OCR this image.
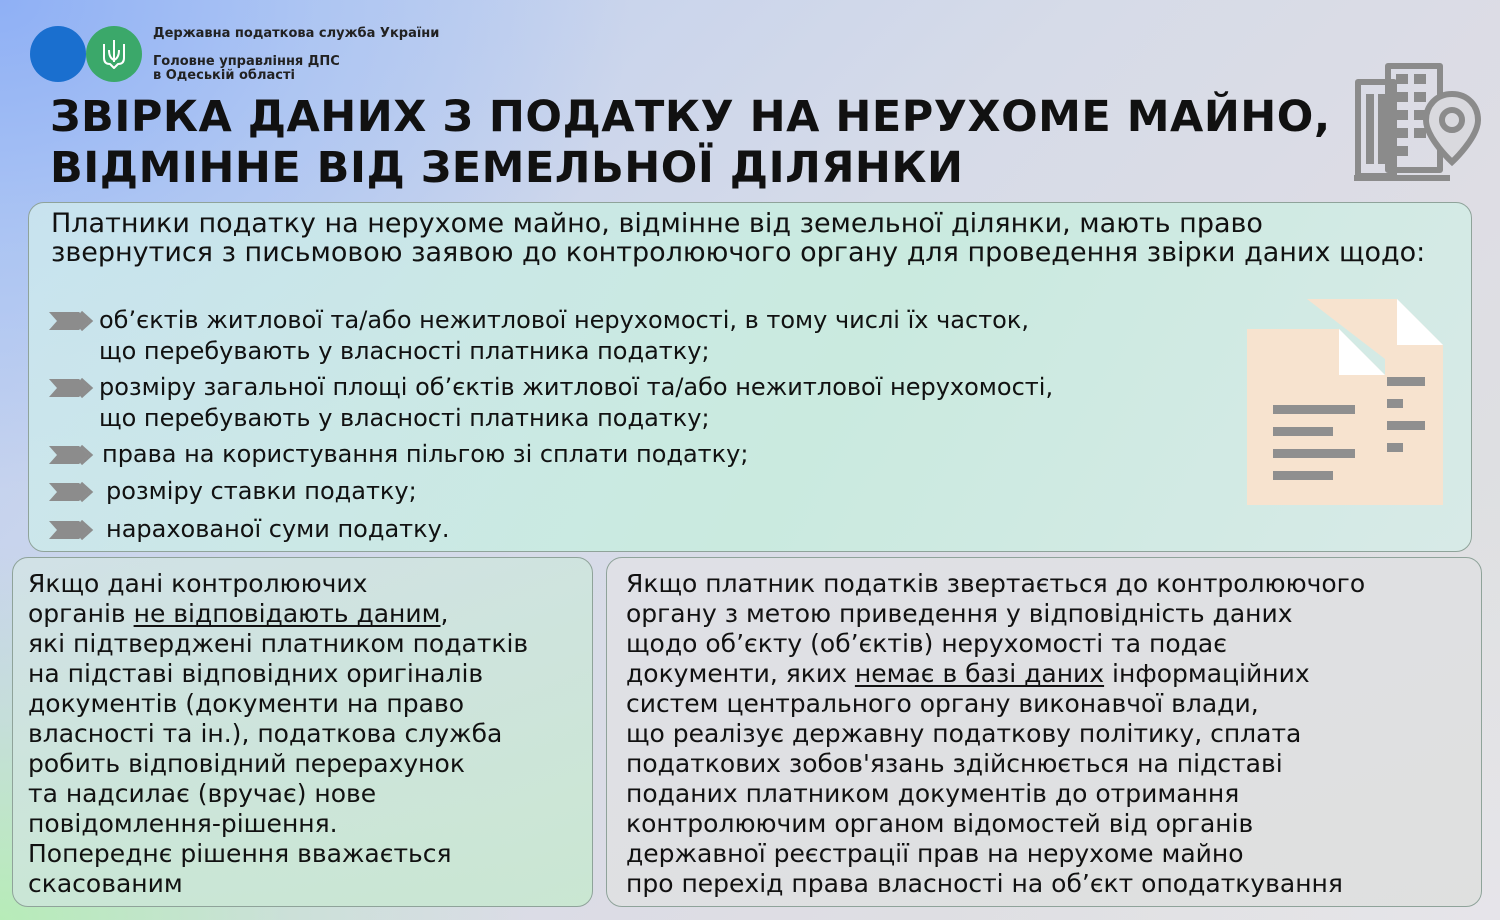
Державна податкова служба України
Головне управління ДПС
в Одеській області
ЗВІРКА ДАНИХ З ПОДАТКУ НА НЕРУХОМЕ МАЙНО,
ВІДМІННЕ ВІД ЗЕМЕЛЬНОЇ ДІЛЯНКИ

Платники податку на нерухоме майно, відмінне від земельної ділянки, мають право звернутися з письмовою заявою до контролюючого органу для проведення звірки даних щодо:

об’єктів житлової та/або нежитлової нерухомості, в тому числі їх часток,
що перебувають у власності платника податку;
розміру загальної площі об’єктів житлової та/або нежитлової нерухомості,
що перебувають у власності платника податку;
права на користування пільгою зі сплати податку;
розміру ставки податку;
нарахованої суми податку.

Якщо дані контролюючих
органів не відповідають даним,
які підтверджені платником податків
на підставі відповідних оригіналів
документів (документи на право
власності та ін.), податкова служба
робить відповідний перерахунок
та надсилає (вручає) нове
повідомлення-рішення.
Попереднє рішення вважається
скасованим

Якщо платник податків звертається до контролюючого
органу з метою приведення у відповідність даних
щодо об’єкту (об’єктів) нерухомості та подає
документи, яких немає в базі даних інформаційних
систем центрального органу виконавчої влади,
що реалізує державну податкову політику, сплата
податкових зобов'язань здійснюється на підставі
поданих платником документів до отримання
контролюючим органом відомостей від органів
державної реєстрації прав на нерухоме майно
про перехід права власності на об’єкт оподаткування
